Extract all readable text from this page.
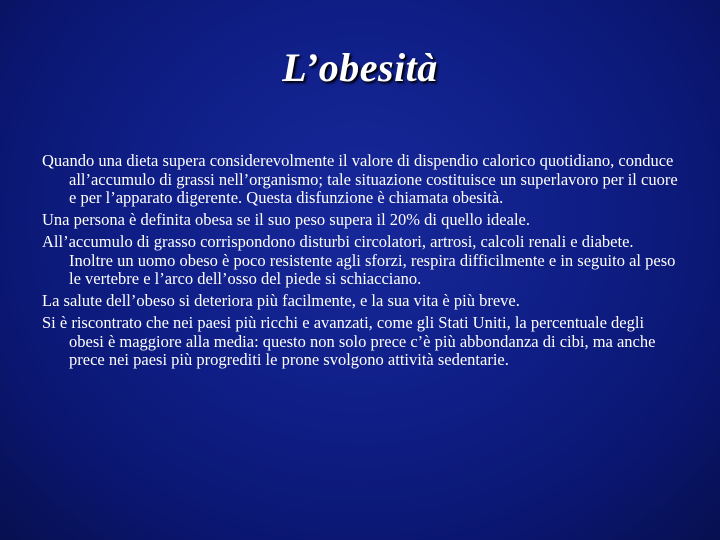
L’obesità
Quando una dieta supera considerevolmente il valore di dispendio calorico quotidiano, conduce all’accumulo di grassi nell’organismo; tale situazione costituisce un superlavoro per il cuore e per l’apparato digerente. Questa disfunzione è chiamata obesità.
Una persona è definita obesa se il suo peso supera il 20% di quello ideale.
All’accumulo di grasso corrispondono disturbi circolatori, artrosi, calcoli renali e diabete. Inoltre un uomo obeso è poco resistente agli sforzi, respira difficilmente e in seguito al peso le vertebre e l’arco dell’osso del piede si schiacciano.
La salute dell’obeso si deteriora più facilmente, e la sua vita è più breve.
Si è riscontrato che nei paesi più ricchi e avanzati, come gli Stati Uniti, la percentuale degli obesi è maggiore alla media: questo non solo prece c’è più abbondanza di cibi, ma anche prece nei paesi più progrediti le prone svolgono attività sedentarie.
